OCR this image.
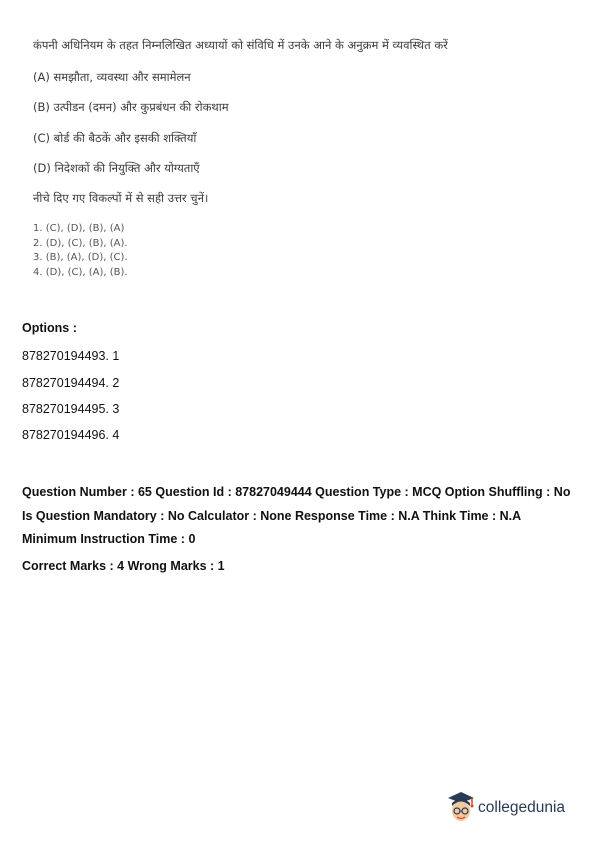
कंपनी अधिनियम के तहत निम्नलिखित अध्यायों को संविधि में उनके आने के अनुक्रम में व्यवस्थित करें
(A) समझौता, व्यवस्था और समामेलन
(B) उत्पीडन (दमन) और कुप्रबंधन की रोकथाम
(C) बोर्ड की बैठकें और इसकी शक्तियाँ
(D) निदेशकों की नियुक्ति और योग्यताएँ
नीचे दिए गए विकल्पों में से सही उत्तर चुनें।
1. (C), (D), (B), (A)
2. (D), (C), (B), (A).
3. (B), (A), (D), (C).
4. (D), (C), (A), (B).
Options :
878270194493. 1
878270194494. 2
878270194495. 3
878270194496. 4
Question Number : 65 Question Id : 87827049444 Question Type : MCQ Option Shuffling : No
Is Question Mandatory : No Calculator : None Response Time : N.A Think Time : N.A
Minimum Instruction Time : 0
Correct Marks : 4 Wrong Marks : 1
collegedunia
